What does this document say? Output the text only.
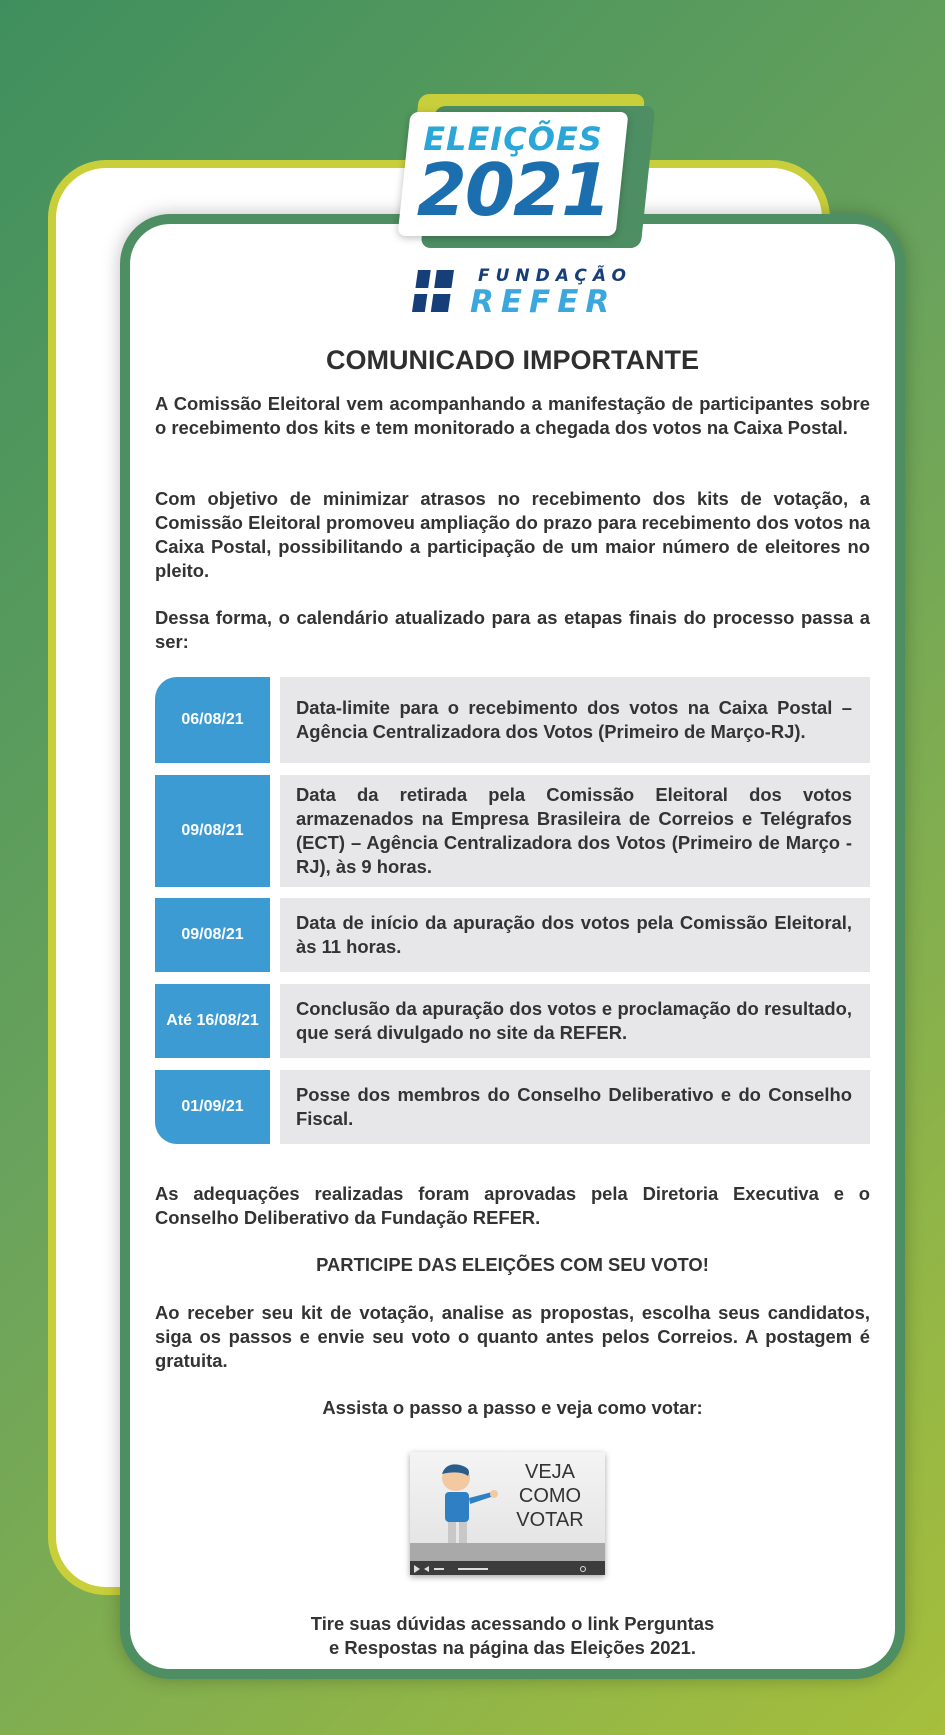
ELEIÇÕES
2021
FUNDAÇÃO
REFER
COMUNICADO IMPORTANTE

A Comissão Eleitoral vem acompanhando a manifestação de participantes sobre o recebimento dos kits e tem monitorado a chegada dos votos na Caixa Postal.

Com objetivo de minimizar atrasos no recebimento dos kits de votação, a Comissão Eleitoral promoveu ampliação do prazo para recebimento dos votos na Caixa Postal, possibilitando a participação de um maior número de eleitores no pleito.

Dessa forma, o calendário atualizado para as etapas finais do processo passa a ser:

06/08/21
Data-limite para o recebimento dos votos na Caixa Postal – Agência Centralizadora dos Votos (Primeiro de Março-RJ).
09/08/21
Data da retirada pela Comissão Eleitoral dos votos armazenados na Empresa Brasileira de Correios e Telégrafos (ECT) – Agência Centralizadora dos Votos (Primeiro de Março - RJ), às 9 horas.
09/08/21
Data de início da apuração dos votos pela Comissão Eleitoral, às 11 horas.
Até 16/08/21
Conclusão da apuração dos votos e proclamação do resultado, que será divulgado no site da REFER.
01/09/21
Posse dos membros do Conselho Deliberativo e do Conselho Fiscal.

As adequações realizadas foram aprovadas pela Diretoria Executiva e o Conselho Deliberativo da Fundação REFER.

PARTICIPE DAS ELEIÇÕES COM SEU VOTO!

Ao receber seu kit de votação, analise as propostas, escolha seus candidatos, siga os passos e envie seu voto o quanto antes pelos Correios. A postagem é gratuita.

Assista o passo a passo e veja como votar:
VEJA
COMO
VOTAR
Tire suas dúvidas acessando o link Perguntas
e Respostas na página das Eleições 2021.
